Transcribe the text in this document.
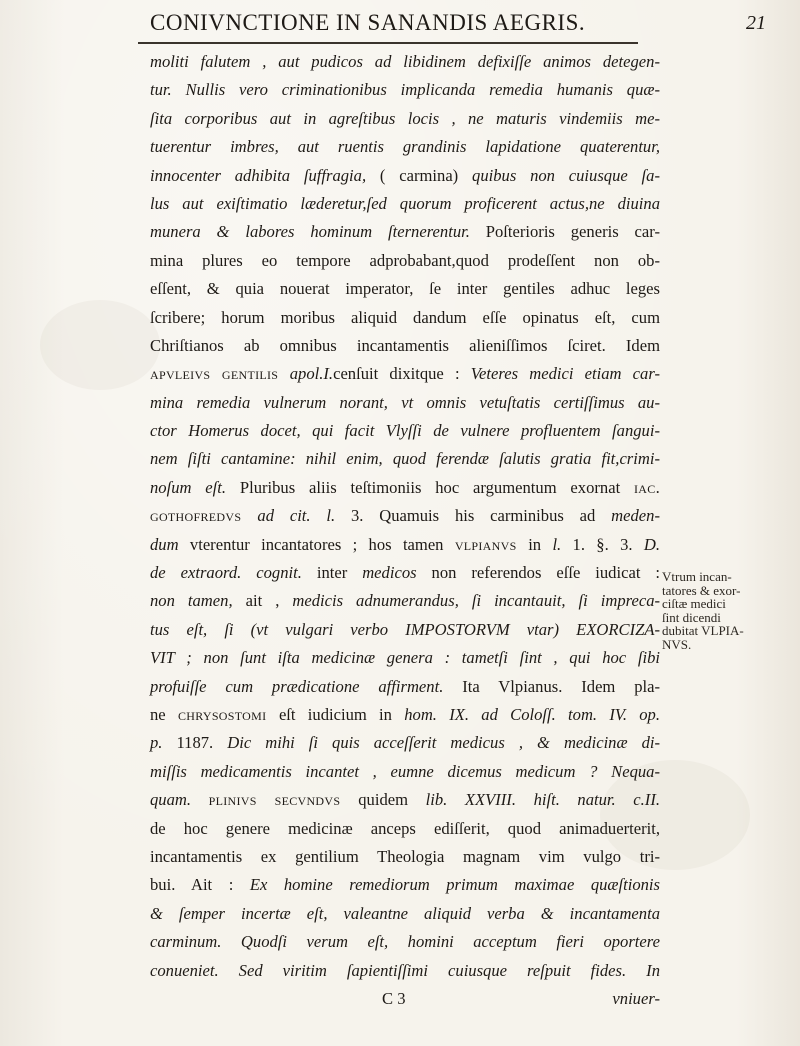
CONIVNCTIONE IN SANANDIS AEGRIS.	21
moliti falutem , aut pudicos ad libidinem defixiſſe animos detegen-
tur. Nullis vero criminationibus implicanda remedia humanis quæ-
ſita corporibus aut in agreſtibus locis , ne maturis vindemiis me-
tuerentur imbres, aut ruentis grandinis lapidatione quaterentur,
innocenter adhibita ſuffragia, ( carmina) quibus non cuiusque ſa-
lus aut exiſtimatio læderetur,ſed quorum proficerent actus,ne diuina
munera & labores hominum ſternerentur. Poſterioris generis car-
mina plures eo tempore adprobabant,quod prodeſſent non ob-
eſſent, & quia nouerat imperator, ſe inter gentiles adhuc leges
ſcribere; horum moribus aliquid dandum eſſe opinatus eſt, cum
Chriſtianos ab omnibus incantamentis alieniſſimos ſciret. Idem
apvleivs gentilis apol.I.cenſuit dixitque : Veteres medici etiam car-
mina remedia vulnerum norant, vt omnis vetuſtatis certiſſimus au-
ctor Homerus docet, qui facit Vlyſſi de vulnere profluentem ſangui-
nem ſiſti cantamine: nihil enim, quod ferendæ ſalutis gratia fit,crimi-
noſum eſt. Pluribus aliis teſtimoniis hoc argumentum exornat iac.
gothofredvs ad cit. l. 3. Quamuis his carminibus ad meden-
dum vterentur incantatores ; hos tamen vlpianvs in l. 1. §. 3. D.
de extraord. cognit. inter medicos non referendos eſſe iudicat :
non tamen, ait , medicis adnumerandus, ſi incantauit, ſi impreca-
tus eſt, ſi (vt vulgari verbo IMPOSTORVM vtar) EXORCIZA-
VIT ; non ſunt iſta medicinæ genera : tametſi ſint , qui hoc ſibi
profuiſſe cum prædicatione affirment. Ita Vlpianus. Idem pla-
ne chrysostomi eſt iudicium in hom. IX. ad Coloſſ. tom. IV. op.
p. 1187. Dic mihi ſi quis acceſſerit medicus , & medicinæ di-
miſſis medicamentis incantet , eumne dicemus medicum ? Nequa-
quam. plinivs secvndvs quidem lib. XXVIII. hiſt. natur. c.II.
de hoc genere medicinæ anceps ediſſerit, quod animaduerterit,
incantamentis ex gentilium Theologia magnam vim vulgo tri-
bui. Ait : Ex homine remediorum primum maximae quæſtionis
& ſemper incertæ eſt, valeantne aliquid verba & incantamenta
carminum. Quodſi verum eſt, homini acceptum fieri oportere
conueniet. Sed viritim ſapientiſſimi cuiusque reſpuit fides. In
C 3	vniuer-
Vtrum incan-
tatores & exor-
ciſtæ medici
ſint dicendi
dubitat VLPIA-
NVS.
